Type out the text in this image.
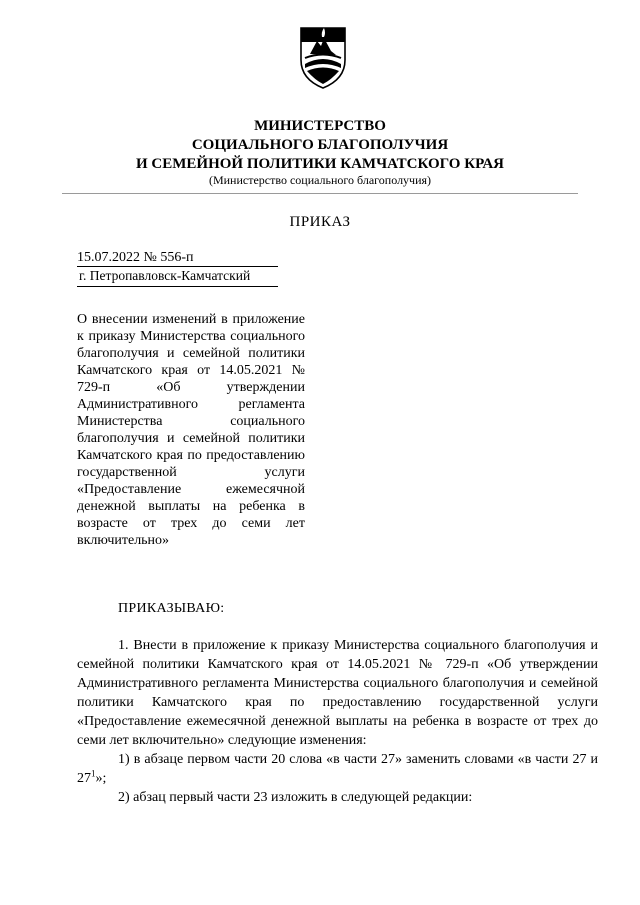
МИНИСТЕРСТВО
СОЦИАЛЬНОГО БЛАГОПОЛУЧИЯ
И СЕМЕЙНОЙ ПОЛИТИКИ КАМЧАТСКОГО КРАЯ
(Министерство социального благополучия)
ПРИКАЗ
15.07.2022 № 556-п
г. Петропавловск-Камчатский
О внесении изменений в приложение к приказу Министерства социального благополучия и семейной политики Камчатского края от 14.05.2021 № 729-п «Об утверждении Административного регламента Министерства социального благополучия и семейной политики Камчатского края по предоставлению государственной услуги «Предоставление ежемесячной денежной выплаты на ребенка в возрасте от трех до семи лет включительно»
ПРИКАЗЫВАЮ:

1. Внести в приложение к приказу Министерства социального благополучия и семейной политики Камчатского края от 14.05.2021 № 729-п «Об утверждении Административного регламента Министерства социального благополучия и семейной политики Камчатского края по предоставлению государственной услуги «Предоставление ежемесячной денежной выплаты на ребенка в возрасте от трех до семи лет включительно» следующие изменения:

1) в абзаце первом части 20 слова «в части 27» заменить словами «в части 27 и $27^1$»;

2) абзац первый части 23 изложить в следующей редакции:
